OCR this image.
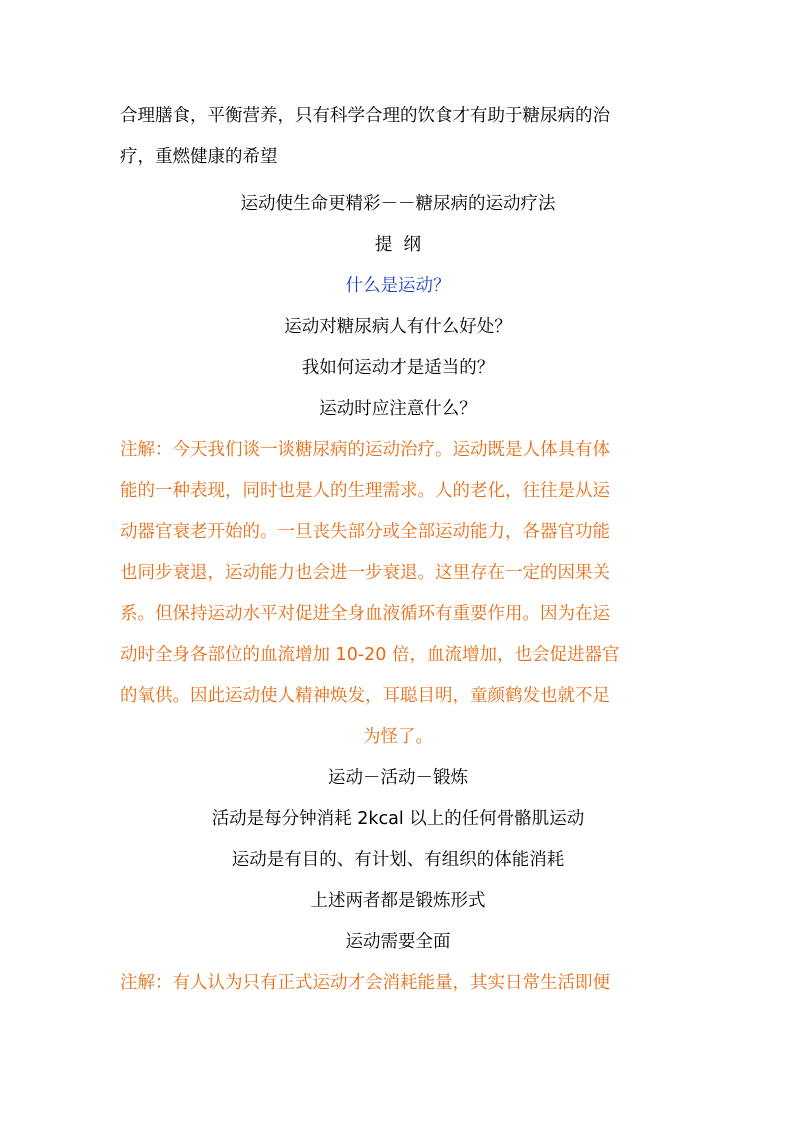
合理膳食，平衡营养，只有科学合理的饮食才有助于糖尿病的治
疗，重燃健康的希望

运动使生命更精彩－－糖尿病的运动疗法

提  纲

什么是运动？

运动对糖尿病人有什么好处？

我如何运动才是适当的？

运动时应注意什么？

注解：今天我们谈一谈糖尿病的运动治疗。运动既是人体具有体
能的一种表现，同时也是人的生理需求。人的老化，往往是从运
动器官衰老开始的。一旦丧失部分或全部运动能力，各器官功能
也同步衰退，运动能力也会进一步衰退。这里存在一定的因果关
系。但保持运动水平对促进全身血液循环有重要作用。因为在运
动时全身各部位的血流增加 10-20 倍，血流增加，也会促进器官
的氧供。因此运动使人精神焕发，耳聪目明，童颜鹤发也就不足
为怪了。

运动－活动－锻炼

活动是每分钟消耗 2kcal 以上的任何骨骼肌运动

运动是有目的、有计划、有组织的体能消耗

上述两者都是锻炼形式

运动需要全面

注解：有人认为只有正式运动才会消耗能量，其实日常生活即便
